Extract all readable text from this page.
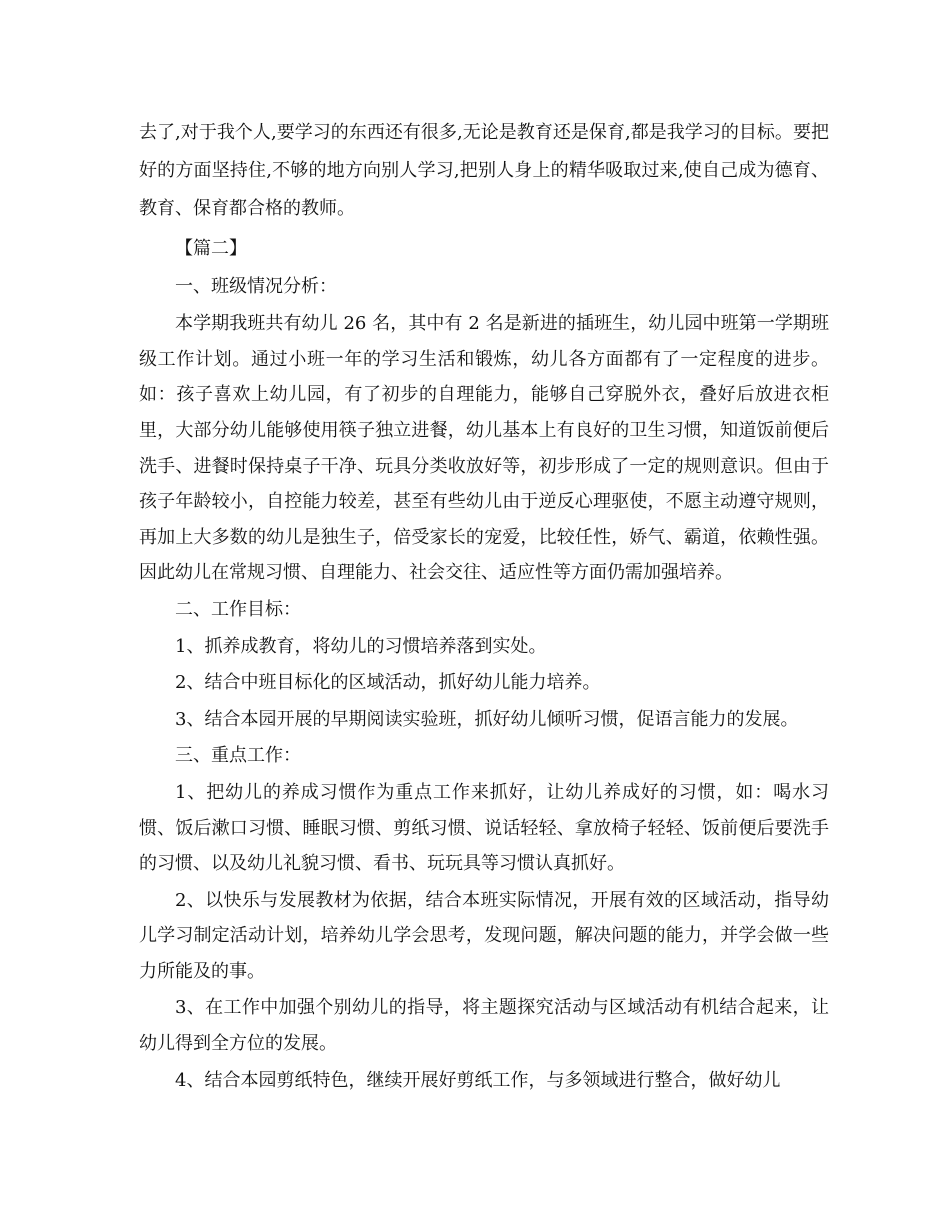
去了,对于我个人,要学习的东西还有很多,无论是教育还是保育,都是我学习的目标。要把好的方面坚持住,不够的地方向别人学习,把别人身上的精华吸取过来,使自己成为德育、教育、保育都合格的教师。

【篇二】

一、班级情况分析：

本学期我班共有幼儿 26 名，其中有 2 名是新进的插班生，幼儿园中班第一学期班级工作计划。通过小班一年的学习生活和锻炼，幼儿各方面都有了一定程度的进步。如：孩子喜欢上幼儿园，有了初步的自理能力，能够自己穿脱外衣，叠好后放进衣柜里，大部分幼儿能够使用筷子独立进餐，幼儿基本上有良好的卫生习惯，知道饭前便后洗手、进餐时保持桌子干净、玩具分类收放好等，初步形成了一定的规则意识。但由于孩子年龄较小，自控能力较差，甚至有些幼儿由于逆反心理驱使，不愿主动遵守规则，再加上大多数的幼儿是独生子，倍受家长的宠爱，比较任性，娇气、霸道，依赖性强。因此幼儿在常规习惯、自理能力、社会交往、适应性等方面仍需加强培养。

二、工作目标：

1、抓养成教育，将幼儿的习惯培养落到实处。

2、结合中班目标化的区域活动，抓好幼儿能力培养。

3、结合本园开展的早期阅读实验班，抓好幼儿倾听习惯，促语言能力的发展。

三、重点工作：

1、把幼儿的养成习惯作为重点工作来抓好，让幼儿养成好的习惯，如：喝水习惯、饭后漱口习惯、睡眠习惯、剪纸习惯、说话轻轻、拿放椅子轻轻、饭前便后要洗手的习惯、以及幼儿礼貌习惯、看书、玩玩具等习惯认真抓好。

2、以快乐与发展教材为依据，结合本班实际情况，开展有效的区域活动，指导幼儿学习制定活动计划，培养幼儿学会思考，发现问题，解决问题的能力，并学会做一些力所能及的事。

3、在工作中加强个别幼儿的指导，将主题探究活动与区域活动有机结合起来，让幼儿得到全方位的发展。

4、结合本园剪纸特色，继续开展好剪纸工作，与多领域进行整合，做好幼儿
